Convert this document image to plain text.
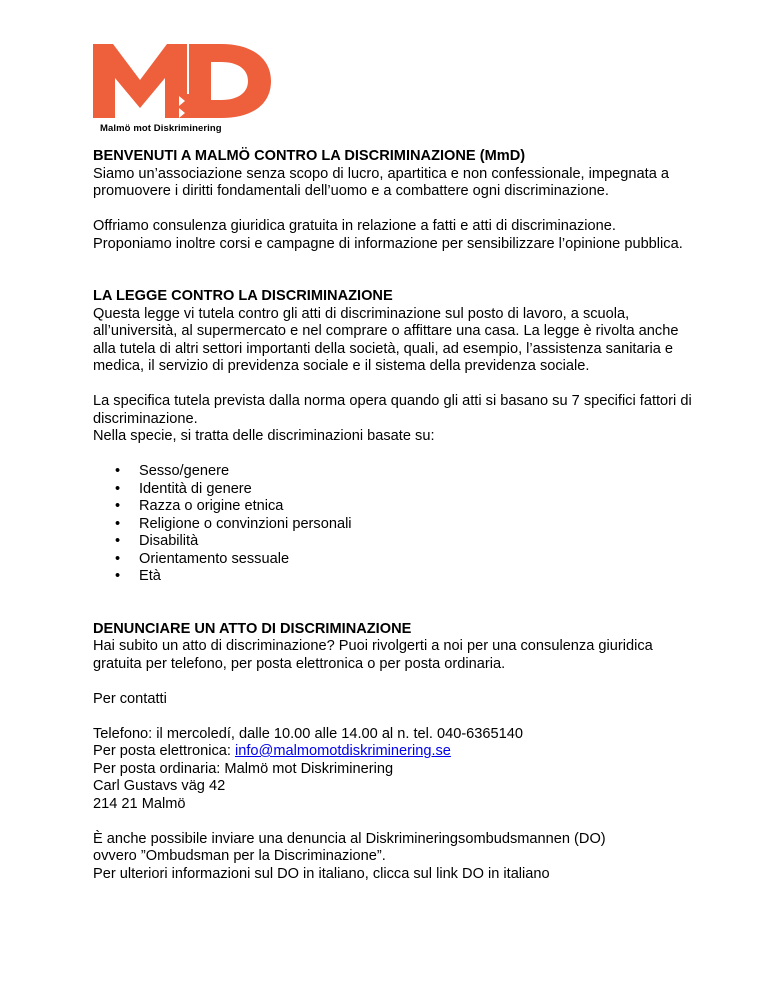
Malmö mot Diskriminering
BENVENUTI A MALMÖ CONTRO LA DISCRIMINAZIONE (MmD)

Siamo un’associazione senza scopo di lucro, apartitica e non confessionale, impegnata a promuovere i diritti fondamentali dell’uomo e a combattere ogni discriminazione.

Offriamo consulenza giuridica gratuita in relazione a fatti e atti di discriminazione. Proponiamo inoltre corsi e campagne di informazione per sensibilizzare l’opinione pubblica.

LA LEGGE CONTRO LA DISCRIMINAZIONE

Questa legge vi tutela contro gli atti di discriminazione sul posto di lavoro, a scuola, all’università, al supermercato e nel comprare o affittare una casa. La legge è rivolta anche alla tutela di altri settori importanti della società, quali, ad esempio, l’assistenza sanitaria e medica, il servizio di previdenza sociale e il sistema della previdenza sociale.

La specifica tutela prevista dalla norma opera quando gli atti si basano su 7 specifici fattori di discriminazione.

Nella specie, si tratta delle discriminazioni basate su:

• Sesso/genere
• Identità di genere
• Razza o origine etnica
• Religione o convinzioni personali
• Disabilità
• Orientamento sessuale
• Età
DENUNCIARE UN ATTO DI DISCRIMINAZIONE

Hai subito un atto di discriminazione? Puoi rivolgerti a noi per una consulenza giuridica gratuita per telefono, per posta elettronica o per posta ordinaria.

Per contatti

Telefono: il mercoledí, dalle 10.00 alle 14.00 al n. tel. 040-6365140

Per posta elettronica: info@malmomotdiskriminering.se

Per posta ordinaria: Malmö mot Diskriminering

Carl Gustavs väg 42

214 21 Malmö

È anche possibile inviare una denuncia al Diskrimineringsombudsmannen (DO)

ovvero ”Ombudsman per la Discriminazione”.

Per ulteriori informazioni sul DO in italiano, clicca sul link DO in italiano
